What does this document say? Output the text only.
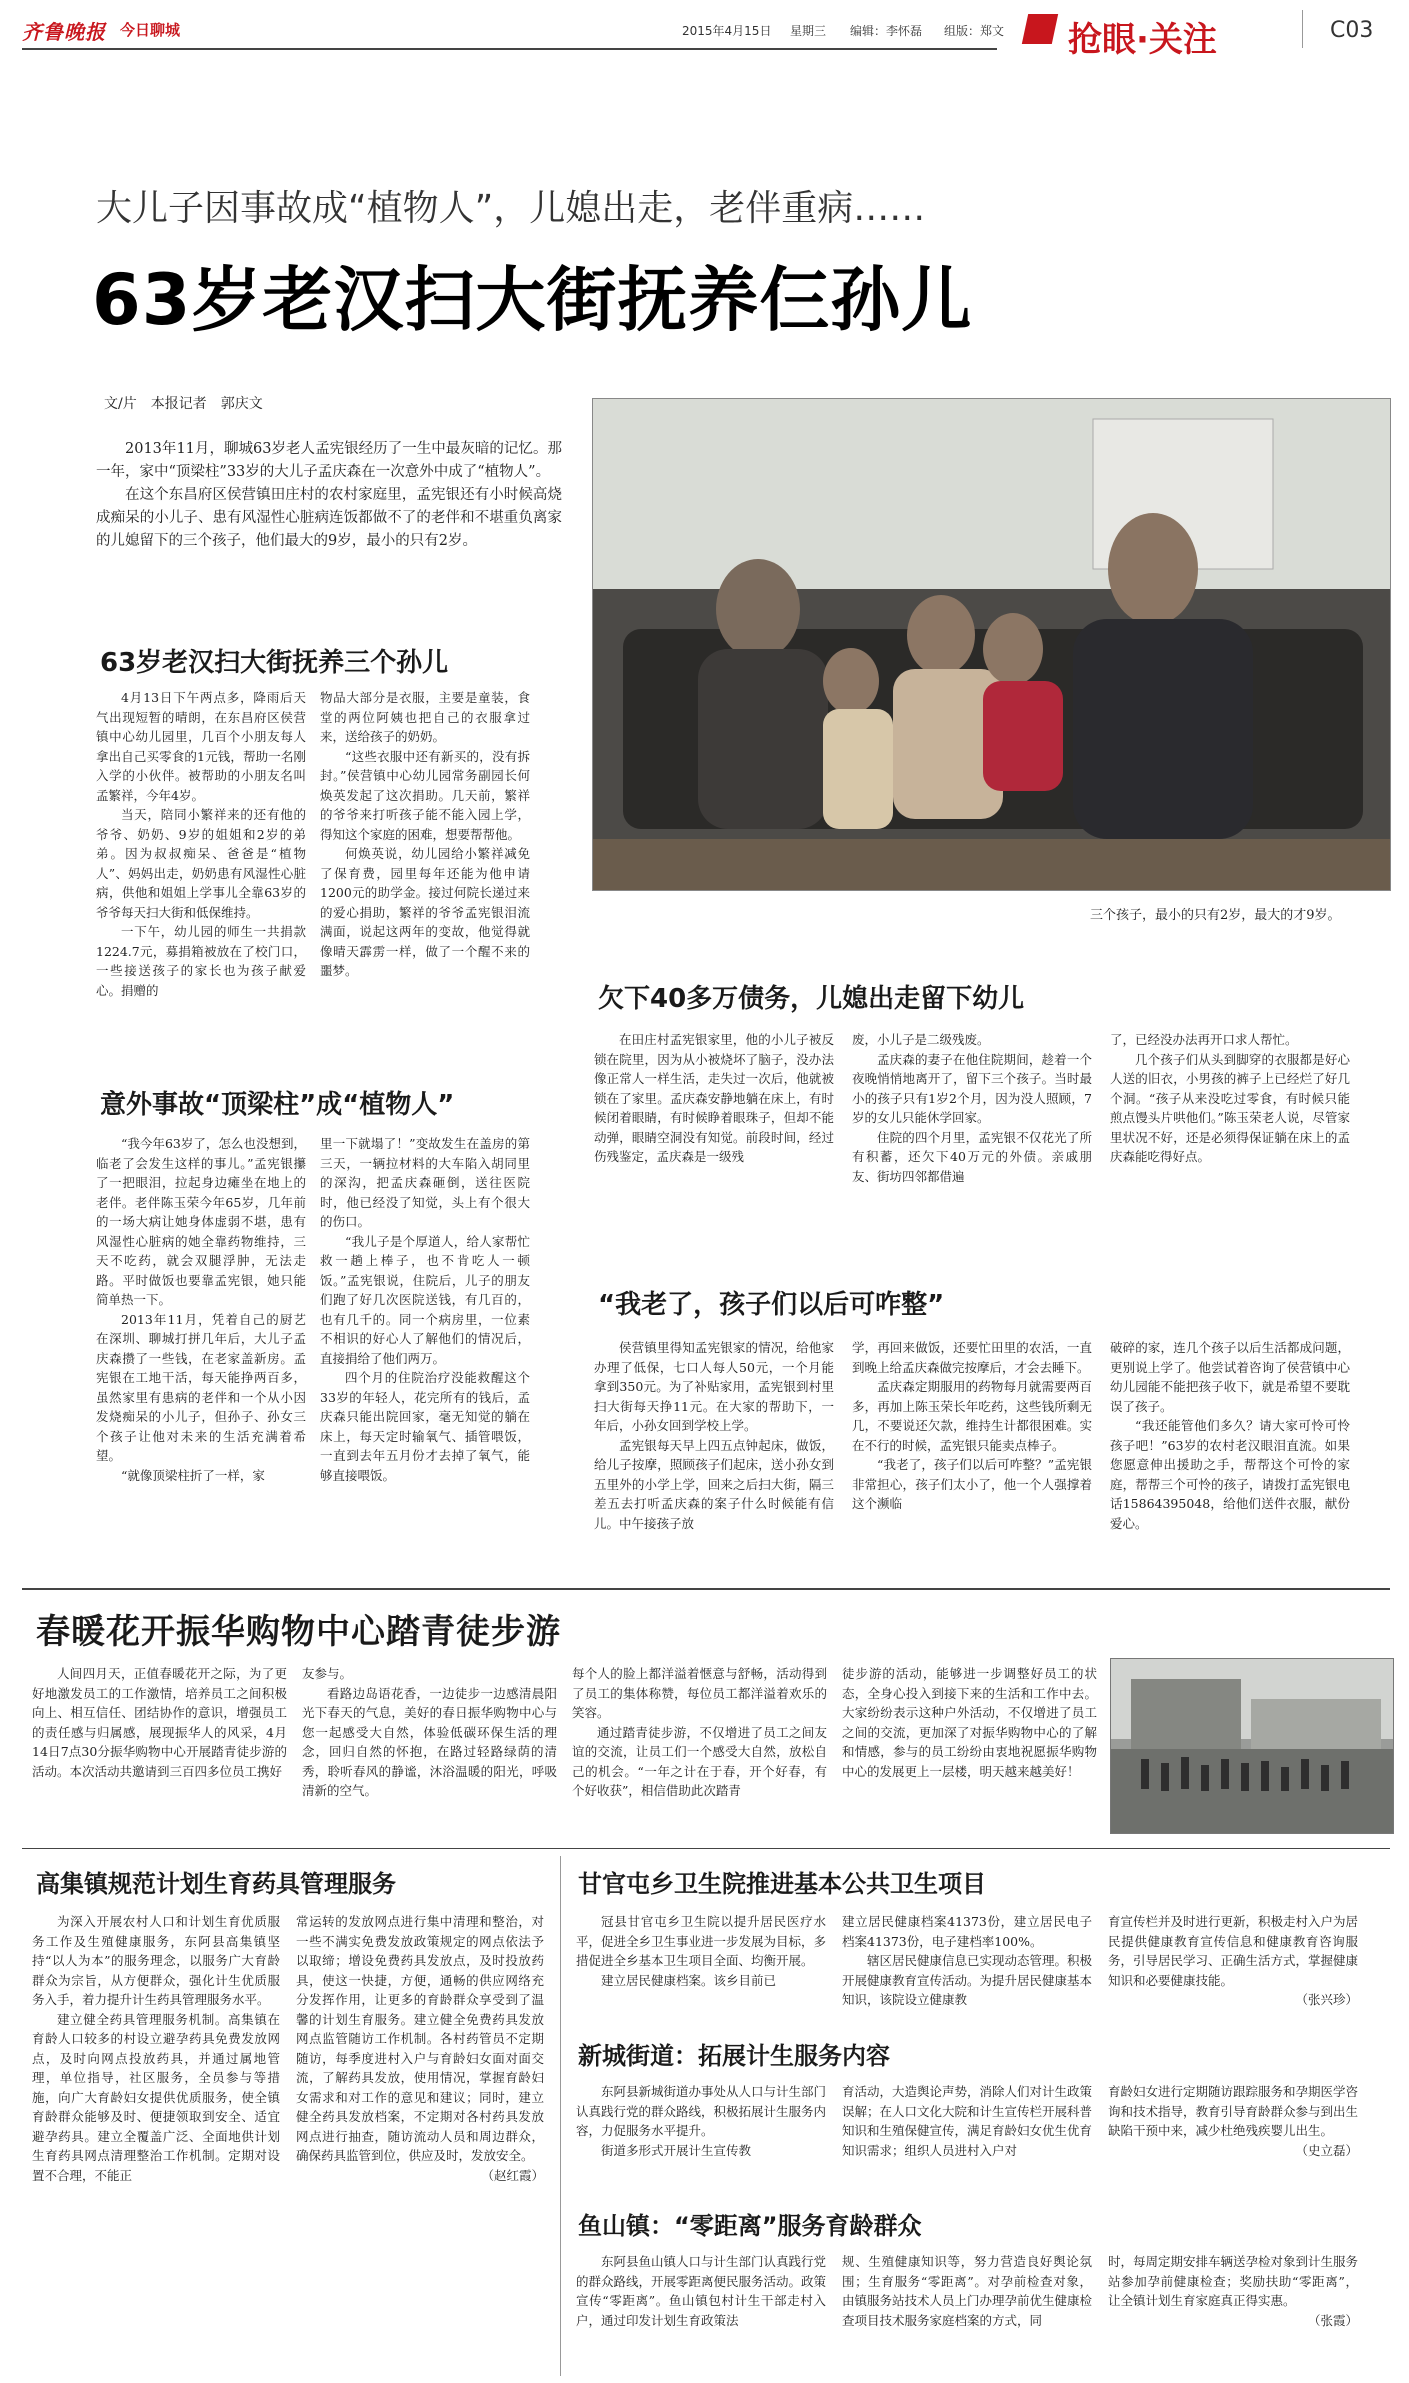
齐鲁晚报 今日聊城	2015年4月15日 星期三 编辑：李怀磊 组版：郑文 抢眼·关注	C03
大儿子因事故成“植物人”，儿媳出走，老伴重病……
63岁老汉扫大街抚养仨孙儿
文/片　本报记者　郭庆文

2013年11月，聊城63岁老人孟宪银经历了一生中最灰暗的记忆。那一年，家中“顶梁柱”33岁的大儿子孟庆森在一次意外中成了“植物人”。

在这个东昌府区侯营镇田庄村的农村家庭里，孟宪银还有小时候高烧成痴呆的小儿子、患有风湿性心脏病连饭都做不了的老伴和不堪重负离家的儿媳留下的三个孩子，他们最大的9岁，最小的只有2岁。

三个孩子，最小的只有2岁，最大的才9岁。
63岁老汉扫大街抚养三个孙儿

4月13日下午两点多，降雨后天气出现短暂的晴朗，在东昌府区侯营镇中心幼儿园里，几百个小朋友每人拿出自己买零食的1元钱，帮助一名刚入学的小伙伴。被帮助的小朋友名叫孟繁祥，今年4岁。

当天，陪同小繁祥来的还有他的爷爷、奶奶、9岁的姐姐和2岁的弟弟。因为叔叔痴呆、爸爸是“植物人”、妈妈出走，奶奶患有风湿性心脏病，供他和姐姐上学事儿全靠63岁的爷爷每天扫大街和低保维持。

一下午，幼儿园的师生一共捐款1224.7元，募捐箱被放在了校门口，一些接送孩子的家长也为孩子献爱心。捐赠的

物品大部分是衣服，主要是童装，食堂的两位阿姨也把自己的衣服拿过来，送给孩子的奶奶。

“这些衣服中还有新买的，没有拆封。”侯营镇中心幼儿园常务副园长何焕英发起了这次捐助。几天前，繁祥的爷爷来打听孩子能不能入园上学，得知这个家庭的困难，想要帮帮他。

何焕英说，幼儿园给小繁祥减免了保育费，园里每年还能为他申请1200元的助学金。接过何院长递过来的爱心捐助，繁祥的爷爷孟宪银泪流满面，说起这两年的变故，他觉得就像晴天霹雳一样，做了一个醒不来的噩梦。

意外事故“顶梁柱”成“植物人”

“我今年63岁了，怎么也没想到，临老了会发生这样的事儿。”孟宪银攥了一把眼泪，拉起身边瘫坐在地上的老伴。老伴陈玉荣今年65岁，几年前的一场大病让她身体虚弱不堪，患有风湿性心脏病的她全靠药物维持，三天不吃药，就会双腿浮肿，无法走路。平时做饭也要靠孟宪银，她只能简单热一下。

2013年11月，凭着自己的厨艺在深圳、聊城打拼几年后，大儿子孟庆森攒了一些钱，在老家盖新房。孟宪银在工地干活，每天能挣两百多，虽然家里有患病的老伴和一个从小因发烧痴呆的小儿子，但孙子、孙女三个孩子让他对未来的生活充满着希望。

“就像顶梁柱折了一样，家

里一下就塌了！”变故发生在盖房的第三天，一辆拉材料的大车陷入胡同里的深沟，把孟庆森砸倒，送往医院时，他已经没了知觉，头上有个很大的伤口。

“我儿子是个厚道人，给人家帮忙救一趟上棒子，也不肯吃人一顿饭。”孟宪银说，住院后，儿子的朋友们跑了好几次医院送钱，有几百的，也有几千的。同一个病房里，一位素不相识的好心人了解他们的情况后，直接捐给了他们两万。

四个月的住院治疗没能救醒这个33岁的年轻人，花完所有的钱后，孟庆森只能出院回家，毫无知觉的躺在床上，每天定时输氧气、插管喂饭，一直到去年五月份才去掉了氧气，能够直接喂饭。

欠下40多万债务，儿媳出走留下幼儿

在田庄村孟宪银家里，他的小儿子被反锁在院里，因为从小被烧坏了脑子，没办法像正常人一样生活，走失过一次后，他就被锁在了家里。孟庆森安静地躺在床上，有时候闭着眼睛，有时候睁着眼珠子，但却不能动弹，眼睛空洞没有知觉。前段时间，经过伤残鉴定，孟庆森是一级残

废，小儿子是二级残废。

孟庆森的妻子在他住院期间，趁着一个夜晚悄悄地离开了，留下三个孩子。当时最小的孩子只有1岁2个月，因为没人照顾，7岁的女儿只能休学回家。

住院的四个月里，孟宪银不仅花光了所有积蓄，还欠下40万元的外债。亲戚朋友、街坊四邻都借遍

了，已经没办法再开口求人帮忙。

几个孩子们从头到脚穿的衣服都是好心人送的旧衣，小男孩的裤子上已经烂了好几个洞。“孩子从来没吃过零食，有时候只能煎点馒头片哄他们。”陈玉荣老人说，尽管家里状况不好，还是必须得保证躺在床上的孟庆森能吃得好点。

“我老了，孩子们以后可咋整”

侯营镇里得知孟宪银家的情况，给他家办理了低保，七口人每人50元，一个月能拿到350元。为了补贴家用，孟宪银到村里扫大街每天挣11元。在大家的帮助下，一年后，小孙女回到学校上学。

孟宪银每天早上四五点钟起床，做饭，给儿子按摩，照顾孩子们起床，送小孙女到五里外的小学上学，回来之后扫大街，隔三差五去打听孟庆森的案子什么时候能有信儿。中午接孩子放

学，再回来做饭，还要忙田里的农活，一直到晚上给孟庆森做完按摩后，才会去睡下。

孟庆森定期服用的药物每月就需要两百多，再加上陈玉荣长年吃药，这些钱所剩无几，不要说还欠款，维持生计都很困难。实在不行的时候，孟宪银只能卖点棒子。

“我老了，孩子们以后可咋整？”孟宪银非常担心，孩子们太小了，他一个人强撑着这个濒临

破碎的家，连几个孩子以后生活都成问题，更别说上学了。他尝试着咨询了侯营镇中心幼儿园能不能把孩子收下，就是希望不要耽误了孩子。

“我还能管他们多久？请大家可怜可怜孩子吧！”63岁的农村老汉眼泪直流。如果您愿意伸出援助之手，帮帮这个可怜的家庭，帮帮三个可怜的孩子，请拨打孟宪银电话15864395048，给他们送件衣服，献份爱心。

春暖花开振华购物中心踏青徒步游

人间四月天，正值春暖花开之际，为了更好地激发员工的工作激情，培养员工之间积极向上、相互信任、团结协作的意识，增强员工的责任感与归属感，展现振华人的风采，4月14日7点30分振华购物中心开展踏青徒步游的活动。本次活动共邀请到三百四多位员工携好

友参与。

看路边岛语花香，一边徒步一边感清晨阳光下春天的气息，美好的春日振华购物中心与您一起感受大自然，体验低碳环保生活的理念，回归自然的怀抱，在路过轻路绿荫的清秀，聆听春风的静谧，沐浴温暖的阳光，呼吸清新的空气。

每个人的脸上都洋溢着惬意与舒畅，活动得到了员工的集体称赞，每位员工都洋溢着欢乐的笑容。

通过踏青徒步游，不仅增进了员工之间友谊的交流，让员工们一个感受大自然，放松自己的机会。“一年之计在于春，开个好春，有个好收获”，相信借助此次踏青

徒步游的活动，能够进一步调整好员工的状态，全身心投入到接下来的生活和工作中去。大家纷纷表示这种户外活动，不仅增进了员工之间的交流，更加深了对振华购物中心的了解和情感，参与的员工纷纷由衷地祝愿振华购物中心的发展更上一层楼，明天越来越美好！

高集镇规范计划生育药具管理服务

为深入开展农村人口和计划生育优质服务工作及生殖健康服务，东阿县高集镇坚持“以人为本”的服务理念，以服务广大育龄群众为宗旨，从方便群众，强化计生优质服务入手，着力提升计生药具管理服务水平。

建立健全药具管理服务机制。高集镇在育龄人口较多的村设立避孕药具免费发放网点，及时向网点投放药具，并通过属地管理，单位指导，社区服务，全员参与等措施，向广大育龄妇女提供优质服务，使全镇育龄群众能够及时、便捷领取到安全、适宜避孕药具。建立全覆盖广泛、全面地供计划生育药具网点清理整治工作机制。定期对设置不合理，不能正

常运转的发放网点进行集中清理和整治，对一些不满实免费发放政策规定的网点依法予以取缔；增设免费药具发放点，及时投放药具，使这一快捷，方便，通畅的供应网络充分发挥作用，让更多的育龄群众享受到了温馨的计划生育服务。建立健全免费药具发放网点监管随访工作机制。各村药管员不定期随访，每季度进村入户与育龄妇女面对面交流，了解药具发放，使用情况，掌握育龄妇女需求和对工作的意见和建议；同时，建立健全药具发放档案，不定期对各村药具发放网点进行抽查，随访流动人员和周边群众，确保药具监管到位，供应及时，发放安全。

（赵红霞）

甘官屯乡卫生院推进基本公共卫生项目

冠县甘官屯乡卫生院以提升居民医疗水平，促进全乡卫生事业进一步发展为目标，多措促进全乡基本卫生项目全面、均衡开展。

建立居民健康档案。该乡目前已

建立居民健康档案41373份，建立居民电子档案41373份，电子建档率100%。

辖区居民健康信息已实现动态管理。积极开展健康教育宣传活动。为提升居民健康基本知识，该院设立健康教

育宣传栏并及时进行更新，积极走村入户为居民提供健康教育宣传信息和健康教育咨询服务，引导居民学习、正确生活方式，掌握健康知识和必要健康技能。

（张兴珍）

新城街道：拓展计生服务内容

东阿县新城街道办事处从人口与计生部门认真践行党的群众路线，积极拓展计生服务内容，力促服务水平提升。

街道多形式开展计生宣传教

育活动，大造舆论声势，消除人们对计生政策误解；在人口文化大院和计生宣传栏开展科普知识和生殖保健宣传，满足育龄妇女优生优育知识需求；组织人员进村入户对

育龄妇女进行定期随访跟踪服务和孕期医学咨询和技术指导，教育引导育龄群众参与到出生缺陷干预中来，减少杜绝残疾婴儿出生。

（史立磊）

鱼山镇：“零距离”服务育龄群众

东阿县鱼山镇人口与计生部门认真践行党的群众路线，开展零距离便民服务活动。政策宣传“零距离”。鱼山镇包村计生干部走村入户，通过印发计划生育政策法

规、生殖健康知识等，努力营造良好舆论氛围；生育服务“零距离”。对孕前检查对象，由镇服务站技术人员上门办理孕前优生健康检查项目技术服务家庭档案的方式，同

时，每周定期安排车辆送孕检对象到计生服务站参加孕前健康检查；奖励扶助“零距离”，让全镇计划生育家庭真正得实惠。

（张霞）
